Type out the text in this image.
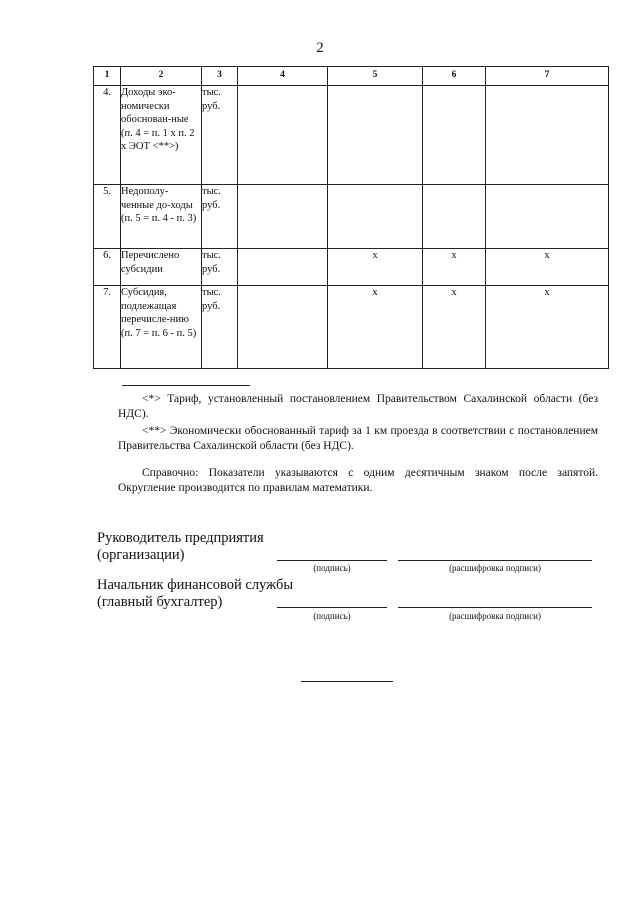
2
1	2	3	4	5	6	7
4.	Доходы эко-номически обоснован-ные (п. 4 = п. 1 х п. 2 х ЭОТ <**>)	тыс. руб.				
5.	Недополу-ченные до-ходы (п. 5 = п. 4 - п. 3)	тыс. руб.				
6.	Перечислено субсидии	тыс. руб.		х	х	х
7.	Субсидия, подлежащая перечисле-нию (п. 7 = п. 6 - п. 5)	тыс. руб.		х	х	х
<*> Тариф, установленный постановлением Правительством Сахалинской области (без НДС).
<**> Экономически обоснованный тариф за 1 км проезда в соответствии с постановлением Правительства Сахалинской области (без НДС).
Справочно: Показатели указываются с одним десятичным знаком после запятой. Округление производится по правилам математики.
Руководитель предприятия
(организации)
(подпись)	(расшифровка подписи)
Начальник финансовой службы
(главный бухгалтер)
(подпись)	(расшифровка подписи)
